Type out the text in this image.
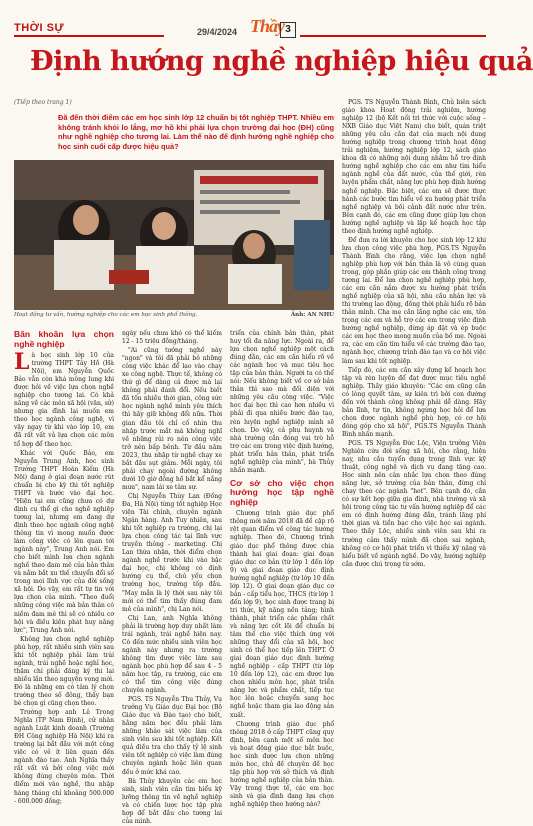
THỜI SỰ	29/4/2024 Thầy 3
Định hướng nghề nghiệp hiệu quả
(Tiếp theo trang 1)
Đã đến thời điểm các em học sinh lớp 12 chuẩn bị tốt nghiệp THPT. Nhiều em không tránh khỏi lo lắng, mơ hồ khi phải lựa chọn trường đại học (ĐH) cũng như nghề nghiệp cho tương lai. Làm thế nào để định hướng nghề nghiệp cho học sinh cuối cấp được hiệu quả?
Hoạt động tư vấn, hướng nghiệp cho các em học sinh phổ thông.	Ảnh: AN NHU

PGS. TS Nguyễn Thành Bình, Chủ biên sách giáo khoa Hoạt động trải nghiệm, hướng nghiệp 12 (bộ Kết nối tri thức với cuộc sống – NXB Giáo dục Việt Nam) cho biết, quán triệt những yêu cầu cần đạt của mạch nội dung hướng nghiệp trong chương trình hoạt động trải nghiệm, hướng nghiệp lớp 12, sách giáo khoa đã có những nội dung nhằm hỗ trợ định hướng nghề nghiệp cho các em như tìm hiểu ngành nghề của đất nước, của thế giới, rèn luyện phẩm chất, năng lực phù hợp định hướng nghề nghiệp. Đặc biệt, các em sẽ được thực hành các bước tìm hiểu về xu hướng phát triển nghề nghiệp và bối cảnh đất nước như trên. Bên cạnh đó, các em cũng được giúp lựa chọn hướng nghề nghiệp và lập kế hoạch học tập theo định hướng nghề nghiệp.

Để đưa ra lời khuyên cho học sinh lớp 12 khi lựa chọn công việc phù hợp, PGS.TS Nguyễn Thành Bình cho rằng, việc lựa chọn nghề nghiệp phù hợp với bản thân là vô cùng quan trọng, góp phần giúp các em thành công trong tương lai. Để lựa chọn nghề nghiệp phù hợp, các em cần nắm được xu hướng phát triển nghề nghiệp của xã hội, nhu cầu nhân lực và thị trường lao động, đồng thời phải hiểu rõ bản thân mình. Cha mẹ cần lắng nghe các em, tôn trọng các em và hỗ trợ các em trong việc định hướng nghề nghiệp, đừng áp đặt và ép buộc các em học theo mong muốn của bố mẹ. Ngoài ra, các em cần tìm hiểu về các trường đào tạo, ngành học, chương trình đào tạo và cơ hội việc làm sau khi tốt nghiệp.

Tiếp đó, các em cần xây dựng kế hoạch học tập và rèn luyện để đạt được mục tiêu nghề nghiệp. Thầy giáo khuyên: "Các em cũng cần có lòng quyết tâm, sự kiên trì bởi con đường đến với thành công không phải dễ dàng. Hãy bản lĩnh, tự tin, không ngừng học hỏi để lựa chọn được ngành nghề phù hợp, có cơ hội đóng góp cho xã hội", PGS.TS Nguyễn Thành Bình nhấn mạnh.

PGS. TS Nguyễn Đức Lộc, Viện trưởng Viện Nghiên cứu đời sống xã hội, cho rằng, hiện nay, nhu cầu tuyển dụng trong lĩnh vực kỹ thuật, công nghệ và dịch vụ đang tăng cao. Học sinh nên cân nhắc lựa chọn theo đúng năng lực, sở trường của bản thân, đừng chỉ chạy theo các ngành "hot". Bên cạnh đó, cần có sự kết hợp giữa gia đình, nhà trường và xã hội trong công tác tư vấn hướng nghiệp để các em có định hướng đúng đắn, tránh lãng phí thời gian và tiền bạc cho việc học sai ngành. Theo thầy Lộc, nhiều sinh viên sau khi ra trường cảm thấy mình đã chọn sai ngành, không có cơ hội phát triển vì thiếu kỹ năng và hiểu biết về ngành nghề. Do vậy, hướng nghiệp cần được chú trọng từ sớm.

Băn khoăn lựa chọn nghề nghiệp

Là học sinh lớp 10 của trường THPT Tây Hồ (Hà Nội), em Nguyễn Quốc Bảo vẫn còn khá mông lung khi được hỏi về việc lựa chọn nghề nghiệp cho tương lai. Có khả năng về các môn xã hội (văn, sử) nhưng gia đình lại muốn em theo học ngành công nghệ, vì vậy ngay từ khi vào lớp 10, em đã rất vất vả lựa chọn các môn tổ hợp để theo học.

Khác với Quốc Bảo, em Nguyễn Trung Anh, học sinh Trường THPT Hoàn Kiếm (Hà Nội) đang ở giai đoạn nước rút chuẩn bị cho kỳ thi tốt nghiệp THPT và bước vào đại học. "Hiện tại em cũng chưa có dự định cụ thể gì cho nghề nghiệp tương lai, nhưng em đang dự định theo học ngành công nghệ thông tin vì mong muốn được làm công việc có lên quan tới ngành này", Trung Anh nói. Em cho biết mình lựa chọn ngành nghề theo đam mê của bản thân và nằm bắt xu thế chuyển đổi số trong mọi lĩnh vực của đời sống xã hội. Do vậy, em rất tự tin với lựa chọn của mình. "Theo đuổi những công việc mà bản thân có niềm đam mê thì sẽ có nhiều cơ hội và điều kiện phát huy năng lực", Trung Anh nói.

Không lựa chọn nghề nghiệp phù hợp, rất nhiều sinh viên sau khi tốt nghiệp phải làm trái ngành, trái nghề hoặc nghỉ học, thậm chí phải đăng ký thi lại nhiều lần theo nguyện vọng mới. Đó là những em có tâm lý chọn trường theo số đông, thấy bạn bè chọn gì cũng chọn theo.

Trường hợp anh Lê Trọng Nghĩa (TP Nam Định), cử nhân ngành Luật kinh doanh (Trường ĐH Công nghiệp Hà Nội) khi ra trường lại bắt đầu với một công việc có vẻ ít liên quan đến ngành đào tạo. Anh Nghĩa thấy rất vất vả bởi công việc mới không đúng chuyên môn. Thời điểm mới vào nghề, thu nhập hàng tháng chỉ khoảng 500.000 - 600.000 đồng;

ngày nếu chưa khó có thể kiếm 12 - 15 triệu đồng/tháng.

"Ai cũng tưởng nghề này "ngon" và tôi đã phải bỏ những công việc khác để lao vào chạy xe công nghệ. Thực tế, không có thứ gì để dàng cả được mà lại không phải đánh đổi. Nếu biết đã tốn nhiều thời gian, công sức học ngành nghề mình yêu thích thì hãy giữ không đổi nữa. Thời gian đầu tôi chỉ cố nhìn thu nhập trước mắt mà không nghĩ về những rủi ro nên công việc trở nên bấp bênh. Từ đầu năm 2023, thu nhập từ nghề chạy xe bắt đầu sụt giảm. Mỗi ngày, tôi phải chạy ngoài đường không dưới 10 giờ đồng hồ bắt kể nắng mưa", nam lái xe tâm sự.

Chị Nguyễn Thùy Lan (Đống Đa, Hà Nội) từng tốt nghiệp Học viện Tài chính, chuyên ngành Ngân hàng. Anh Tuy nhiên, sau khi tốt nghiệp ra trường, chị lại lựa chọn công tác tại lĩnh vực truyền thông - marketing. Chị Lan thừa nhận, thời điểm chọn ngành nghề trước khi vào bậc đại học, chị không có định hướng cụ thể, chủ yếu chọn trường học, trường tốp đầu. "May mắn là lý thời sau này tôi mới có thể tìm thấy đúng đam mê của mình", chị Lan nói.

Chị Lan, anh Nghĩa không phải là trường hợp duy nhất làm trái ngành, trái nghề hiện nay. Có đến mức nhiều sinh viên học ngành này nhưng ra trường không tìm được việc làm sau ngành học phù hợp để sau 4 - 5 năm học tập, ra trường, các em có thể tìm công việc đúng chuyên ngành.

PGS. TS Nguyễn Thu Thủy, Vụ trưởng Vụ Giáo dục Đại học (Bộ Giáo dục và Đào tạo) cho biết, hằng năm học đều phải làm những khảo sát việc làm của sinh viên sau khi tốt nghiệp. Kết quả điều tra cho thấy tỷ lệ sinh viên tốt nghiệp có việc làm đúng chuyên ngành hoặc liên quan đều ở mức khá cao.

Bà Thủy khuyên các em học sinh, sinh viên cần tìm hiểu kỹ lưỡng thông tin về nghề nghiệp và có chiến lược học tập phù hợp để bắt đầu cho tương lai của mình.

triển của chính bản thân, phát huy tối đa năng lực. Ngoài ra, để lựa chọn nghề nghiệp một cách đúng đắn, các em cần hiểu rõ về các ngành học và mục tiêu học tập của bản thân. Người ta có thể nói: Nếu không biết về cơ sở bản thân thì sao mà đối diện với những yêu cầu công việc. "Việc học đại học thì cao hơn nhiều vì phải đi qua nhiều bước đào tạo, rèn luyện nghề nghiệp mình sẽ chọn. Do vậy, cả phụ huynh và nhà trường cần đóng vai trò hỗ trợ các em trong việc định hướng, phát triển bản thân, phát triển nghề nghiệp của mình", bà Thủy nhấn mạnh.

Cơ sở cho việc chọn hướng học tập nghề nghiệp

Chương trình giáo dục phổ thông mới năm 2018 đã đề cập rõ rệt quan điểm về công tác hướng nghiệp. Theo đó, Chương trình giáo dục phổ thông được chia thành hai giai đoạn: giai đoạn giáo dục cơ bản (từ lớp 1 đến lớp 9) và giai đoạn giáo dục định hướng nghề nghiệp (từ lớp 10 đến lớp 12). Ở giai đoạn giáo dục cơ bản - cấp tiểu học, THCS (từ lớp 1 đến lớp 9), học sinh được trang bị tri thức, kỹ năng nền tảng; hình thành, phát triển các phẩm chất và năng lực cốt lõi để chuẩn bị tâm thế cho việc thích ứng với những thay đổi của xã hội, học sinh có thể học tiếp lên THPT. Ở giai đoạn giáo dục định hướng nghề nghiệp - cấp THPT (từ lớp 10 đến lớp 12), các em được lựa chọn nhiều môn học, phát triển năng lực và phẩm chất, tiếp tục học lên hoặc chuyển sang học nghề hoặc tham gia lao động sản xuất.

Chương trình giáo dục phổ thông 2018 ở cấp THPT cũng quy định, bên cạnh một số môn học và hoạt động giáo dục bắt buộc, học sinh được lựa chọn những môn học, chủ đề chuyên đề học tập phù hợp với sở thích và định hướng nghề nghiệp của bản thân. Vậy trong thực tế, các em học sinh và gia đình đang lựa chọn nghề nghiệp theo hướng nào?
